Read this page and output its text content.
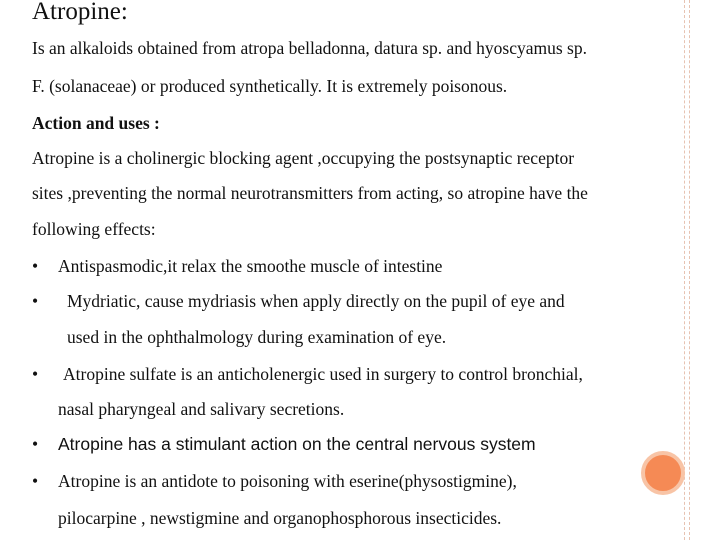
Atropine:

Is an alkaloids obtained from atropa belladonna, datura sp. and hyoscyamus sp.

F. (solanaceae) or produced synthetically. It is extremely poisonous.

Action and uses :

Atropine is a cholinergic blocking agent ,occupying the postsynaptic receptor

sites ,preventing the normal neurotransmitters from acting, so atropine have the

following effects:

• Antispasmodic,it relax the smoothe muscle of intestine

• Mydriatic, cause mydriasis when apply directly on the pupil of eye and

used in the ophthalmology during examination of eye.

• Atropine sulfate is an anticholenergic used in surgery to control bronchial,

nasal pharyngeal and salivary secretions.

• Atropine has a stimulant action on the central nervous system

• Atropine is an antidote to poisoning with eserine(physostigmine),

pilocarpine , newstigmine and organophosphorous insecticides.
